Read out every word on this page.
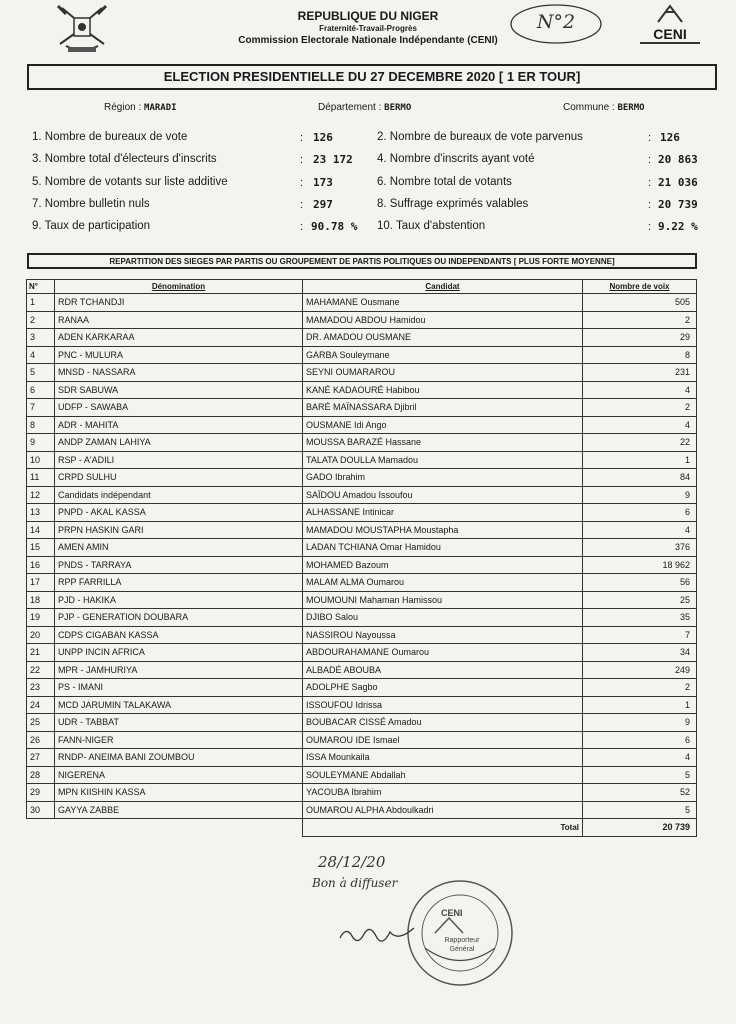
REPUBLIQUE DU NIGER
Fraternité-Travail-Progrès
Commission Electorale Nationale Indépendante (CENI)
N°2
CENI
ELECTION PRESIDENTIELLE DU 27 DECEMBRE 2020 [ 1 ER TOUR]
Région : MARADI	Département : BERMO	Commune : BERMO
1. Nombre de bureaux de vote	: 126	2. Nombre de bureaux de vote parvenus	: 126
3. Nombre total d'électeurs d'inscrits	: 23 172 4. Nombre d'inscrits ayant voté	: 20 863
5. Nombre de votants sur liste additive	: 173	6. Nombre total de votants	: 21 036
7. Nombre bulletin nuls	: 297	8. Suffrage exprimés valables	: 20 739
9. Taux de participation	: 90.78 % 10. Taux d'abstention	: 9.22 %
REPARTITION DES SIEGES PAR PARTIS OU GROUPEMENT DE PARTIS POLITIQUES OU INDEPENDANTS [ PLUS FORTE MOYENNE]
N°	Dénomination	Candidat	Nombre de voix
1	RDR TCHANDJI	MAHAMANE Ousmane	505
2	RANAA	MAMADOU ABDOU Hamidou	2
3	ADEN KARKARAA	DR. AMADOU OUSMANE	29
4	PNC - MULURA	GARBA Souleymane	8
5	MNSD - NASSARA	SEYNI OUMARAROU	231
6	SDR SABUWA	KANÉ KADAOURÉ Habibou	4
7	UDFP - SAWABA	BARÉ MAÏNASSARA Djibril	2
8	ADR - MAHITA	OUSMANE Idi Ango	4
9	ANDP ZAMAN LAHIYA	MOUSSA BARAZÉ Hassane	22
10	RSP - A'ADILI	TALATA DOULLA Mamadou	1
11	CRPD SULHU	GADO Ibrahim	84
12	Candidats indépendant	SAÏDOU Amadou Issoufou	9
13	PNPD - AKAL KASSA	ALHASSANE Intinicar	6
14	PRPN HASKIN GARI	MAMADOU MOUSTAPHA Moustapha	4
15	AMEN AMIN	LADAN TCHIANA Omar Hamidou	376
16	PNDS - TARRAYA	MOHAMED Bazoum	18 962
17	RPP FARRILLA	MALAM ALMA Oumarou	56
18	PJD - HAKIKA	MOUMOUNI Mahaman Hamissou	25
19	PJP - GENERATION DOUBARA	DJIBO Salou	35
20	CDPS CIGABAN KASSA	NASSIROU Nayoussa	7
21	UNPP INCIN AFRICA	ABDOURAHAMANE Oumarou	34
22	MPR - JAMHURIYA	ALBADÉ ABOUBA	249
23	PS - IMANI	ADOLPHE Sagbo	2
24	MCD JARUMIN TALAKAWA	ISSOUFOU Idrissa	1
25	UDR - TABBAT	BOUBACAR CISSÉ Amadou	9
26	FANN-NIGER	OUMAROU IDE Ismael	6
27	RNDP- ANEIMA BANI ZOUMBOU	ISSA Mounkaila	4
28	NIGERENA	SOULEYMANE Abdallah	5
29	MPN KIISHIN KASSA	YACOUBA Ibrahim	52
30	GAYYA ZABBE	OUMAROU ALPHA Abdoulkadri	5
		Total	20 739
28/12/20
Bon à diffuser
CENI
Rapporteur Général
